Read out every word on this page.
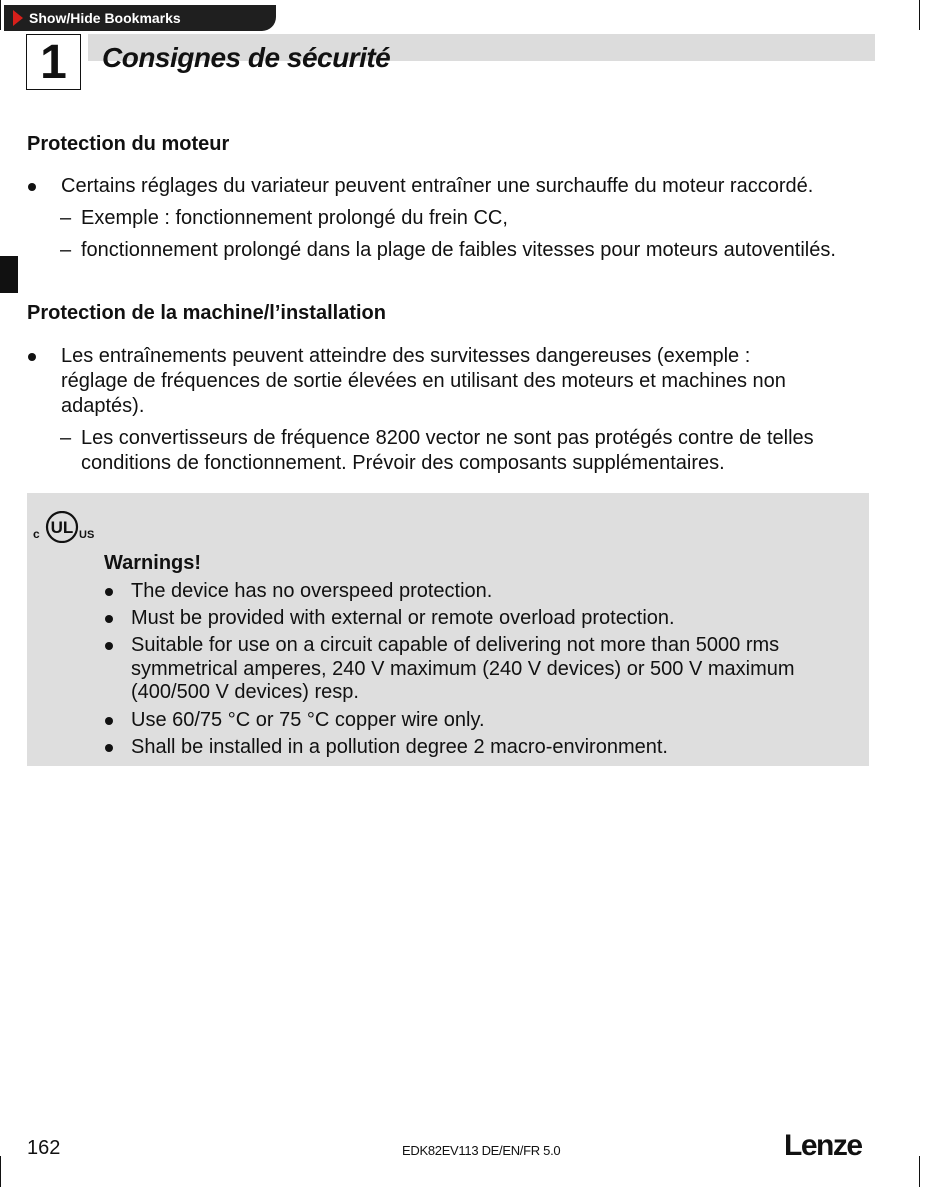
Show/Hide Bookmarks
1 Consignes de sécurité
Protection du moteur
Certains réglages du variateur peuvent entraîner une surchauffe du moteur raccordé.
– Exemple : fonctionnement prolongé du frein CC,
– fonctionnement prolongé dans la plage de faibles vitesses pour moteurs autoventilés.
Protection de la machine/l’installation
Les entraînements peuvent atteindre des survitesses dangereuses (exemple : réglage de fréquences de sortie élevées en utilisant des moteurs et machines non adaptés).
– Les convertisseurs de fréquence 8200 vector ne sont pas protégés contre de telles conditions de fonctionnement. Prévoir des composants supplémentaires.
UL
c	US
Warnings!
The device has no overspeed protection.
Must be provided with external or remote overload protection.
Suitable for use on a circuit capable of delivering not more than 5000 rms symmetrical amperes, 240 V maximum (240 V devices) or 500 V maximum (400/500 V devices) resp.
Use 60/75 °C or 75 °C copper wire only.
Shall be installed in a pollution degree 2 macro-environment.
162	EDK82EV113 DE/EN/FR 5.0	Lenze
